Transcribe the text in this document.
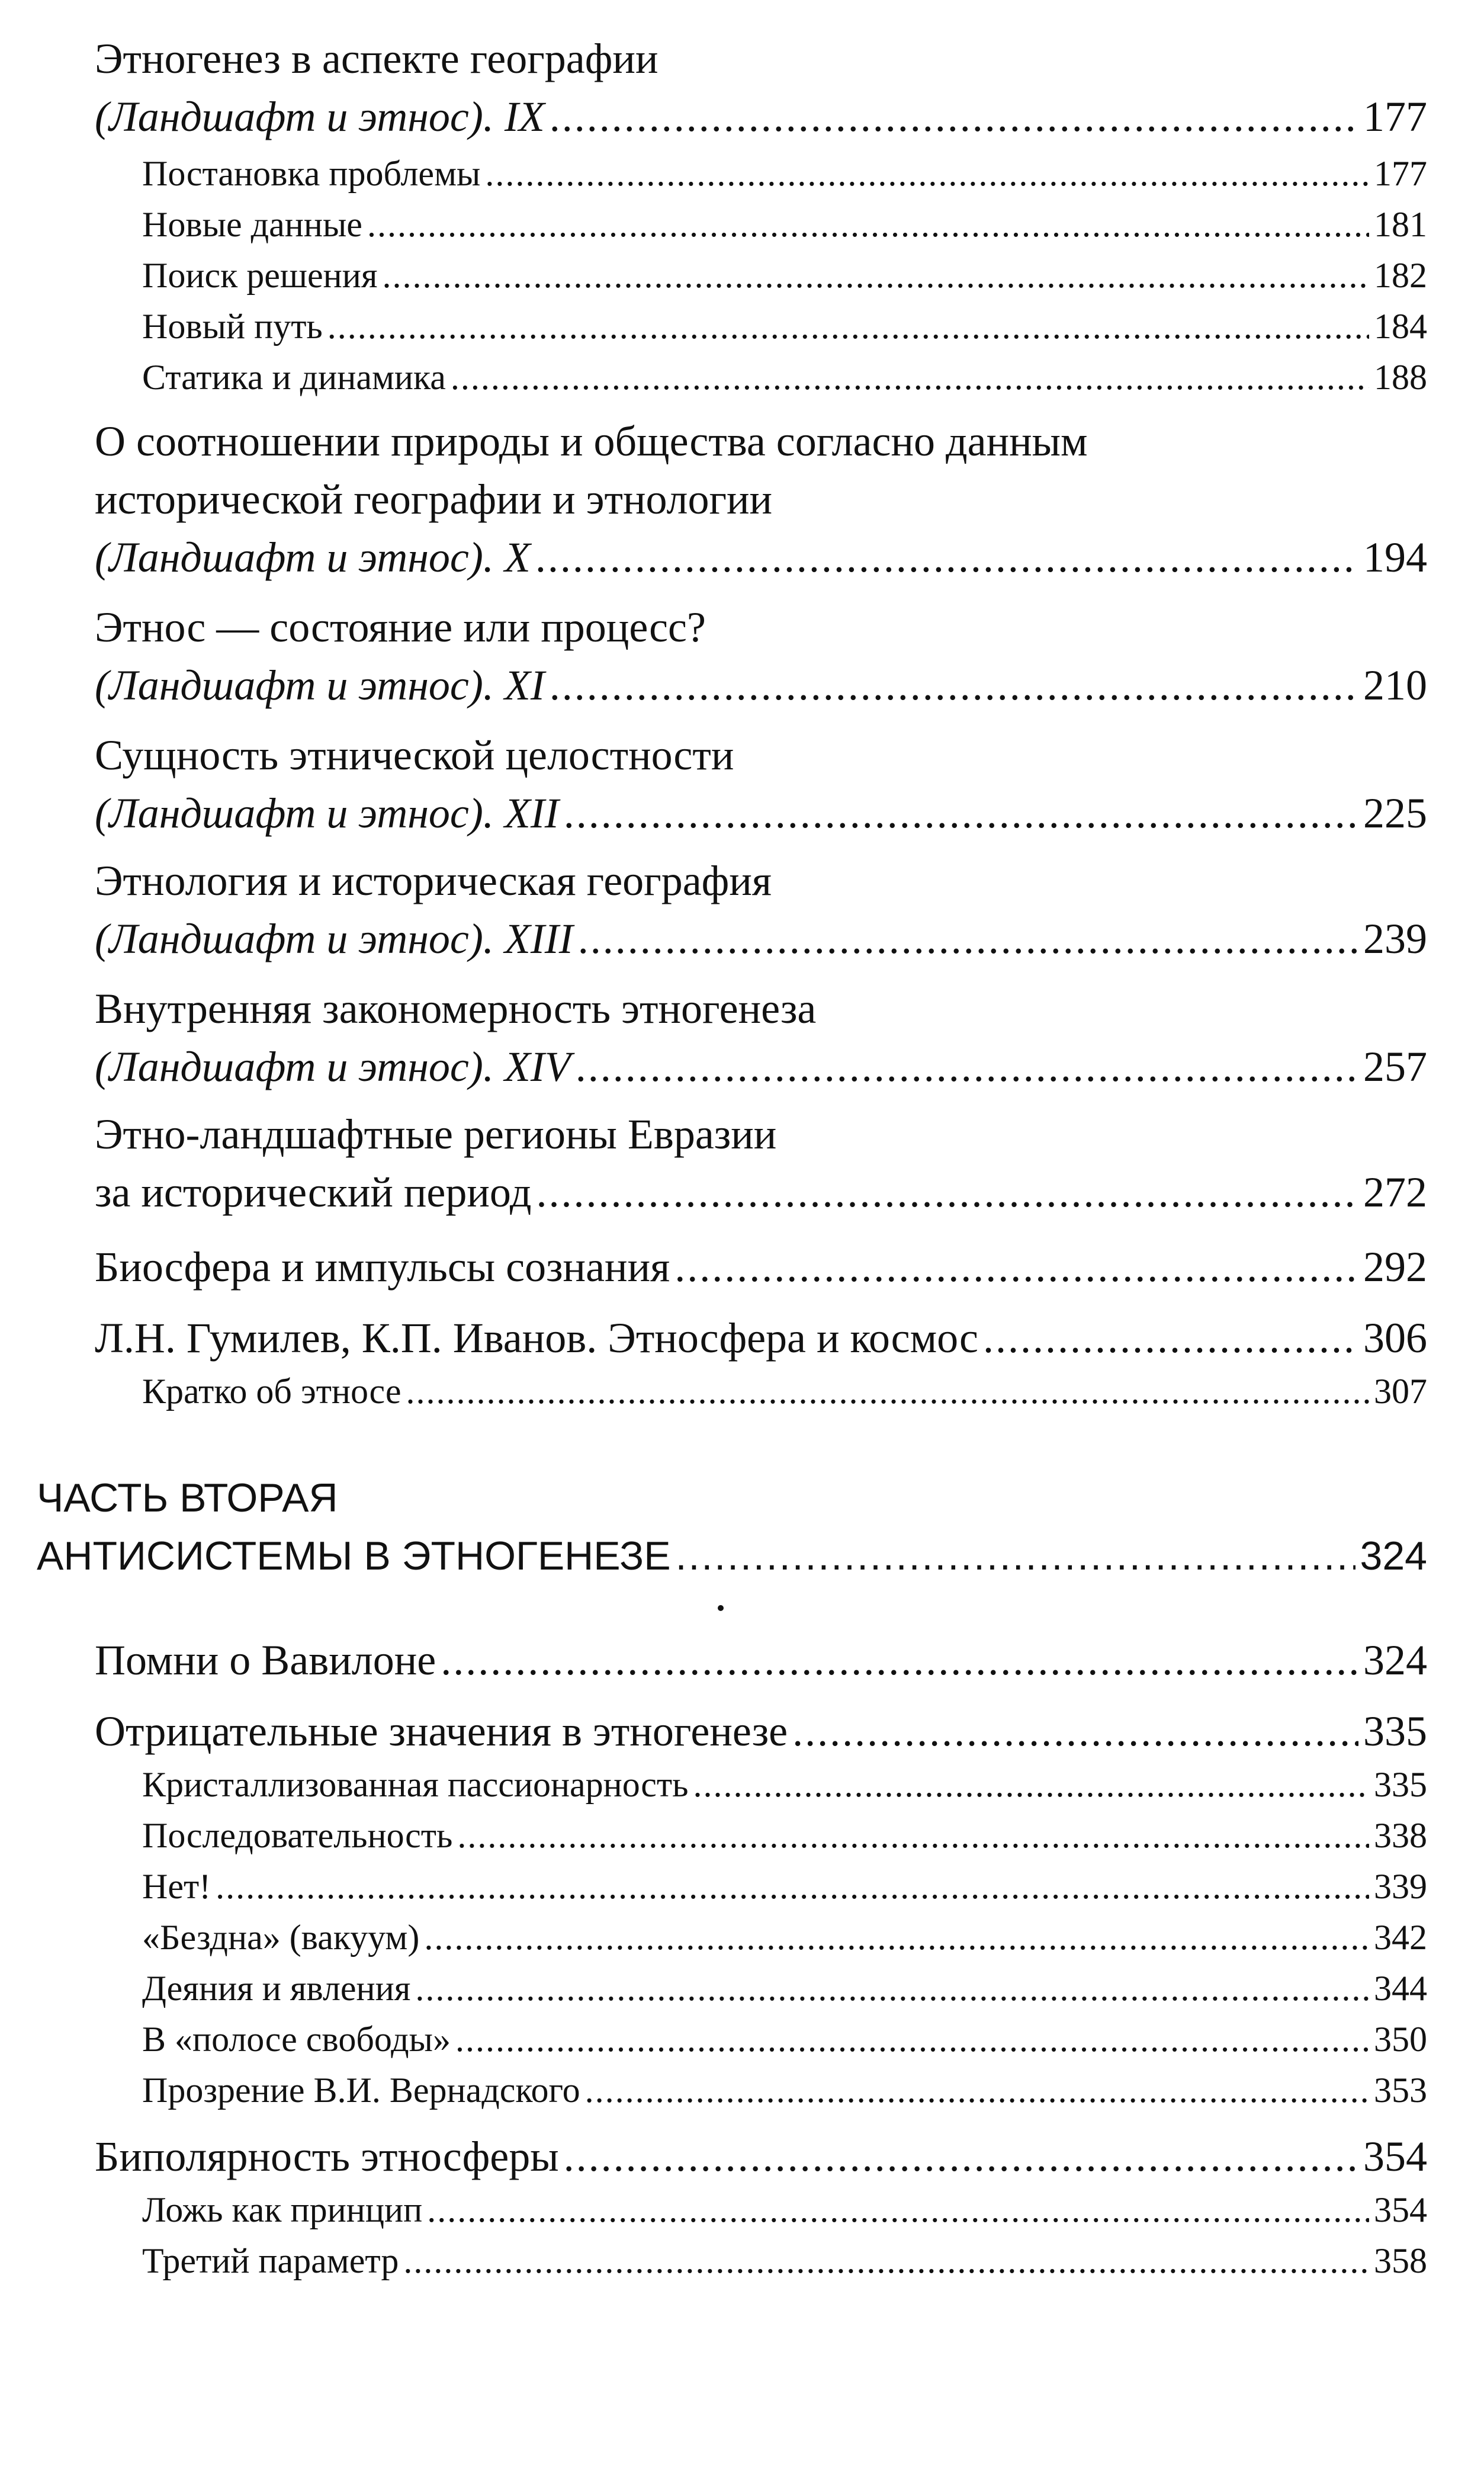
Этногенез в аспекте географии
(Ландшафт и этнос). IX .....	177
Постановка проблемы .....	177
Новые данные .....	181
Поиск решения .....	182
Новый путь .....	184
Статика и динамика .....	188
О соотношении природы и общества согласно данным
исторической географии и этнологии
(Ландшафт и этнос). X .....	194
Этнос — состояние или процесс?
(Ландшафт и этнос). XI .....	210
Сущность этнической целостности
(Ландшафт и этнос). XII .....	225
Этнология и историческая география
(Ландшафт и этнос). XIII .....	239
Внутренняя закономерность этногенеза
(Ландшафт и этнос). XIV .....	257
Этно-ландшафтные регионы Евразии
за исторический период .....	272
Биосфера и импульсы сознания .....	292
Л.Н. Гумилев, К.П. Иванов. Этносфера и космос .....	306
Кратко об этносе .....	307
ЧАСТЬ ВТОРАЯ
АНТИСИСТЕМЫ В ЭТНОГЕНЕЗЕ .....	324
Помни о Вавилоне .....	324
Отрицательные значения в этногенезе .....	335
Кристаллизованная пассионарность .....	335
Последовательность .....	338
Нет! .....	339
«Бездна» (вакуум) .....	342
Деяния и явления .....	344
В «полосе свободы» .....	350
Прозрение В.И. Вернадского .....	353
Биполярность этносферы .....	354
Ложь как принцип .....	354
Третий параметр .....	358
